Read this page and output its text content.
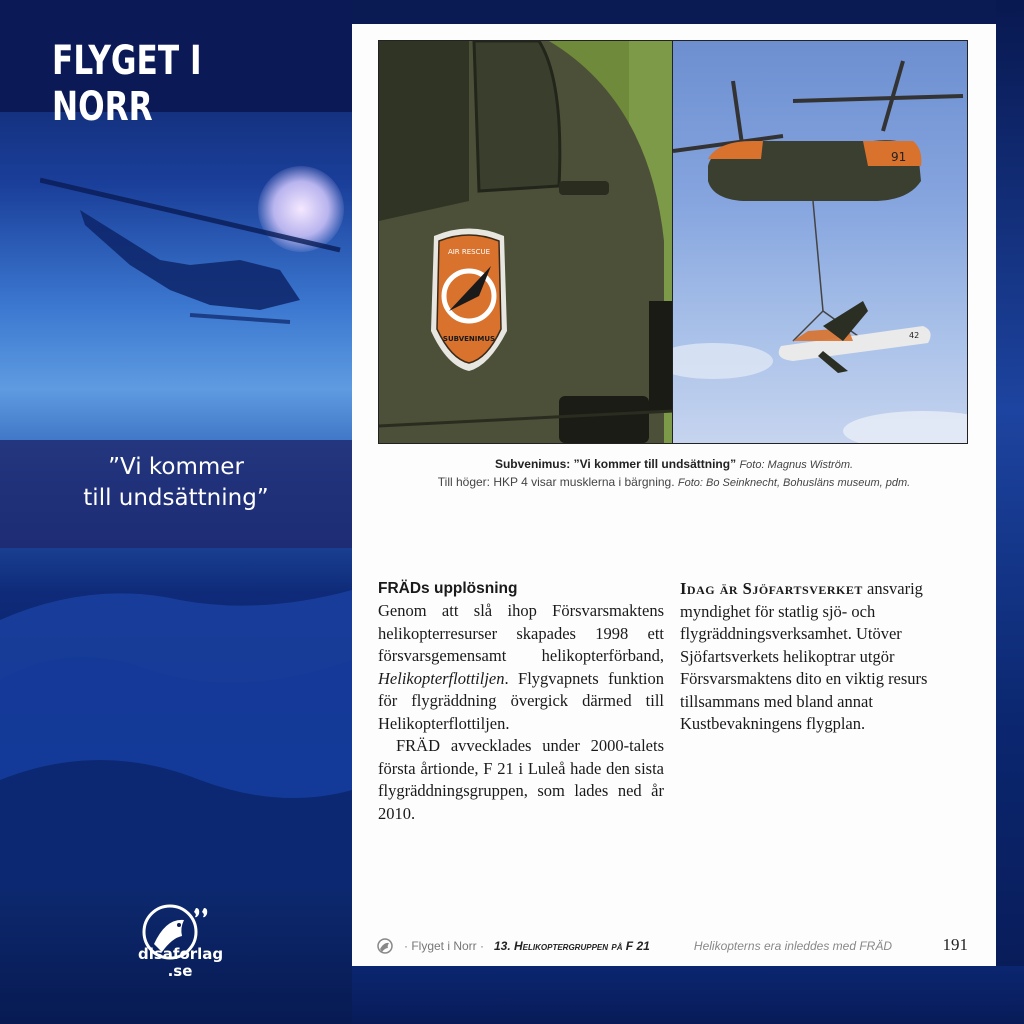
FLYGET I NORR
”Vi kommer
till undsättning”
disaforlag
.se
AIR RESCUE
SUBVENIMUS
91
42
Subvenimus: ”Vi kommer till undsättning” Foto: Magnus Wiström.
Till höger: HKP 4 visar musklerna i bärgning. Foto: Bo Seinknecht, Bohusläns museum, pdm.
FRÄDs upplösning

Genom att slå ihop Försvarsmaktens helikopterresurser skapades 1998 ett försvarsgemensamt helikopterförband, Helikopterflottiljen. Flygvapnets funktion för flygräddning övergick därmed till Helikopterflottiljen.

FRÄD avvecklades under 2000-talets första årtionde, F 21 i Luleå hade den sista flygräddningsgruppen, som lades ned år 2010.

Idag är Sjöfartsverket ansvarig myndighet för statlig sjö- och flygräddningsverksamhet. Utöver Sjöfartsverkets helikoptrar utgör Försvarsmaktens dito en viktig resurs tillsammans med bland annat Kustbevakningens flygplan.

· Flyget i Norr · 13. Helikoptergruppen på F 21	Helikopterns era inleddes med FRÄD	191
